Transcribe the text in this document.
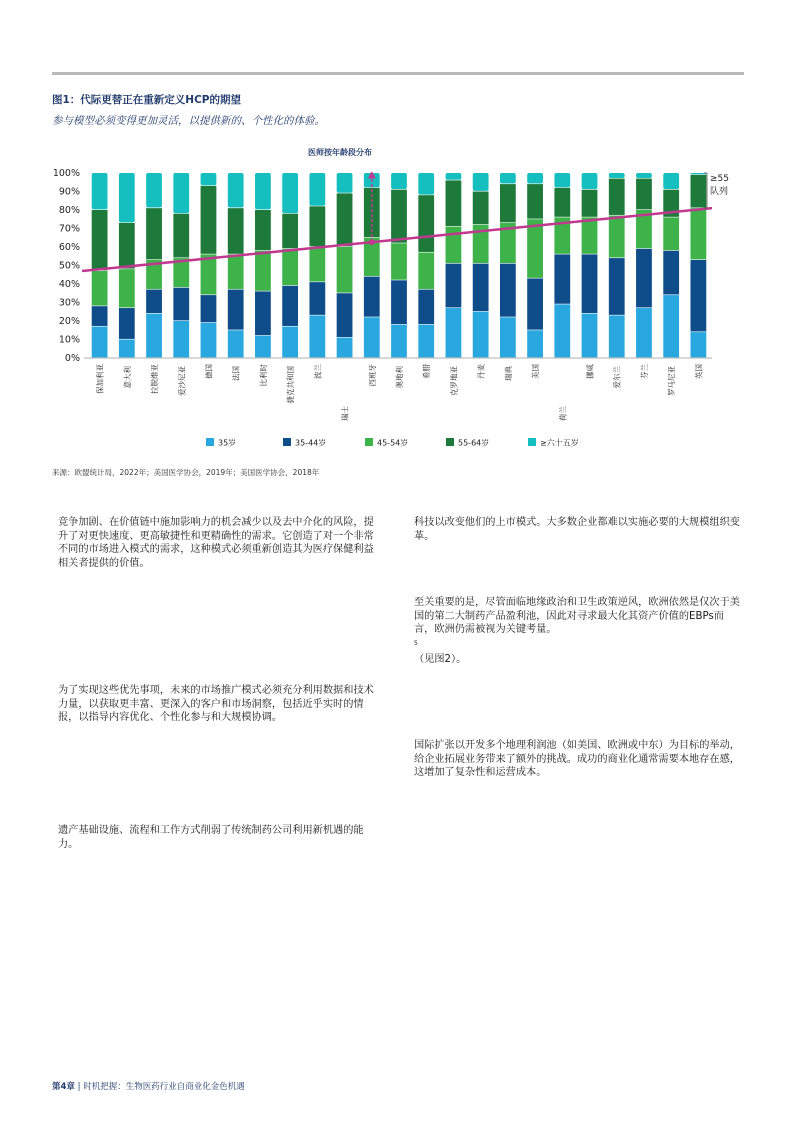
图1：代际更替正在重新定义HCP的期望
参与模型必须变得更加灵活，以提供新的、个性化的体验。
医师按年龄段分布
0%
10%
20%
30%
40%
50%
60%
70%
80%
90%
100%
保加利亚 意大利 拉脱维亚 爱沙尼亚 德国 法国 比利时 捷克共和国 波兰
瑞士
西班牙 奥地利 希腊 克罗地亚 丹麦 瑞典 美国
荷兰
挪威 爱尔兰 芬兰 罗马尼亚 英国
≥55
队列
35岁	35-44岁	45-54岁	55-64岁	≥六十五岁
来源：欧盟统计局，2022年；美国医学协会，2019年；美国医学协会，2018年

竞争加剧、在价值链中施加影响力的机会减少以及去中介化的风险，提升了对更快速度、更高敏捷性和更精确性的需求。它创造了对一个非常不同的市场进入模式的需求，这种模式必须重新创造其为医疗保健利益相关者提供的价值。

为了实现这些优先事项，未来的市场推广模式必须充分利用数据和技术力量，以获取更丰富、更深入的客户和市场洞察，包括近乎实时的情报，以指导内容优化、个性化参与和大规模协调。

遗产基础设施、流程和工作方式削弱了传统制药公司利用新机遇的能力。

科技以改变他们的上市模式。大多数企业都难以实施必要的大规模组织变革。

至关重要的是，尽管面临地缘政治和卫生政策逆风，欧洲依然是仅次于美国的第二大制药产品盈利池，因此对寻求最大化其资产价值的EBPs而言，欧洲仍需被视为关键考量。
$^5$
（见图2）。

国际扩张以开发多个地理利润池（如美国、欧洲或中东）为目标的举动，给企业拓展业务带来了额外的挑战。成功的商业化通常需要本地存在感，这增加了复杂性和运营成本。

第4章 | 时机把握：生物医药行业自商业化金色机遇
